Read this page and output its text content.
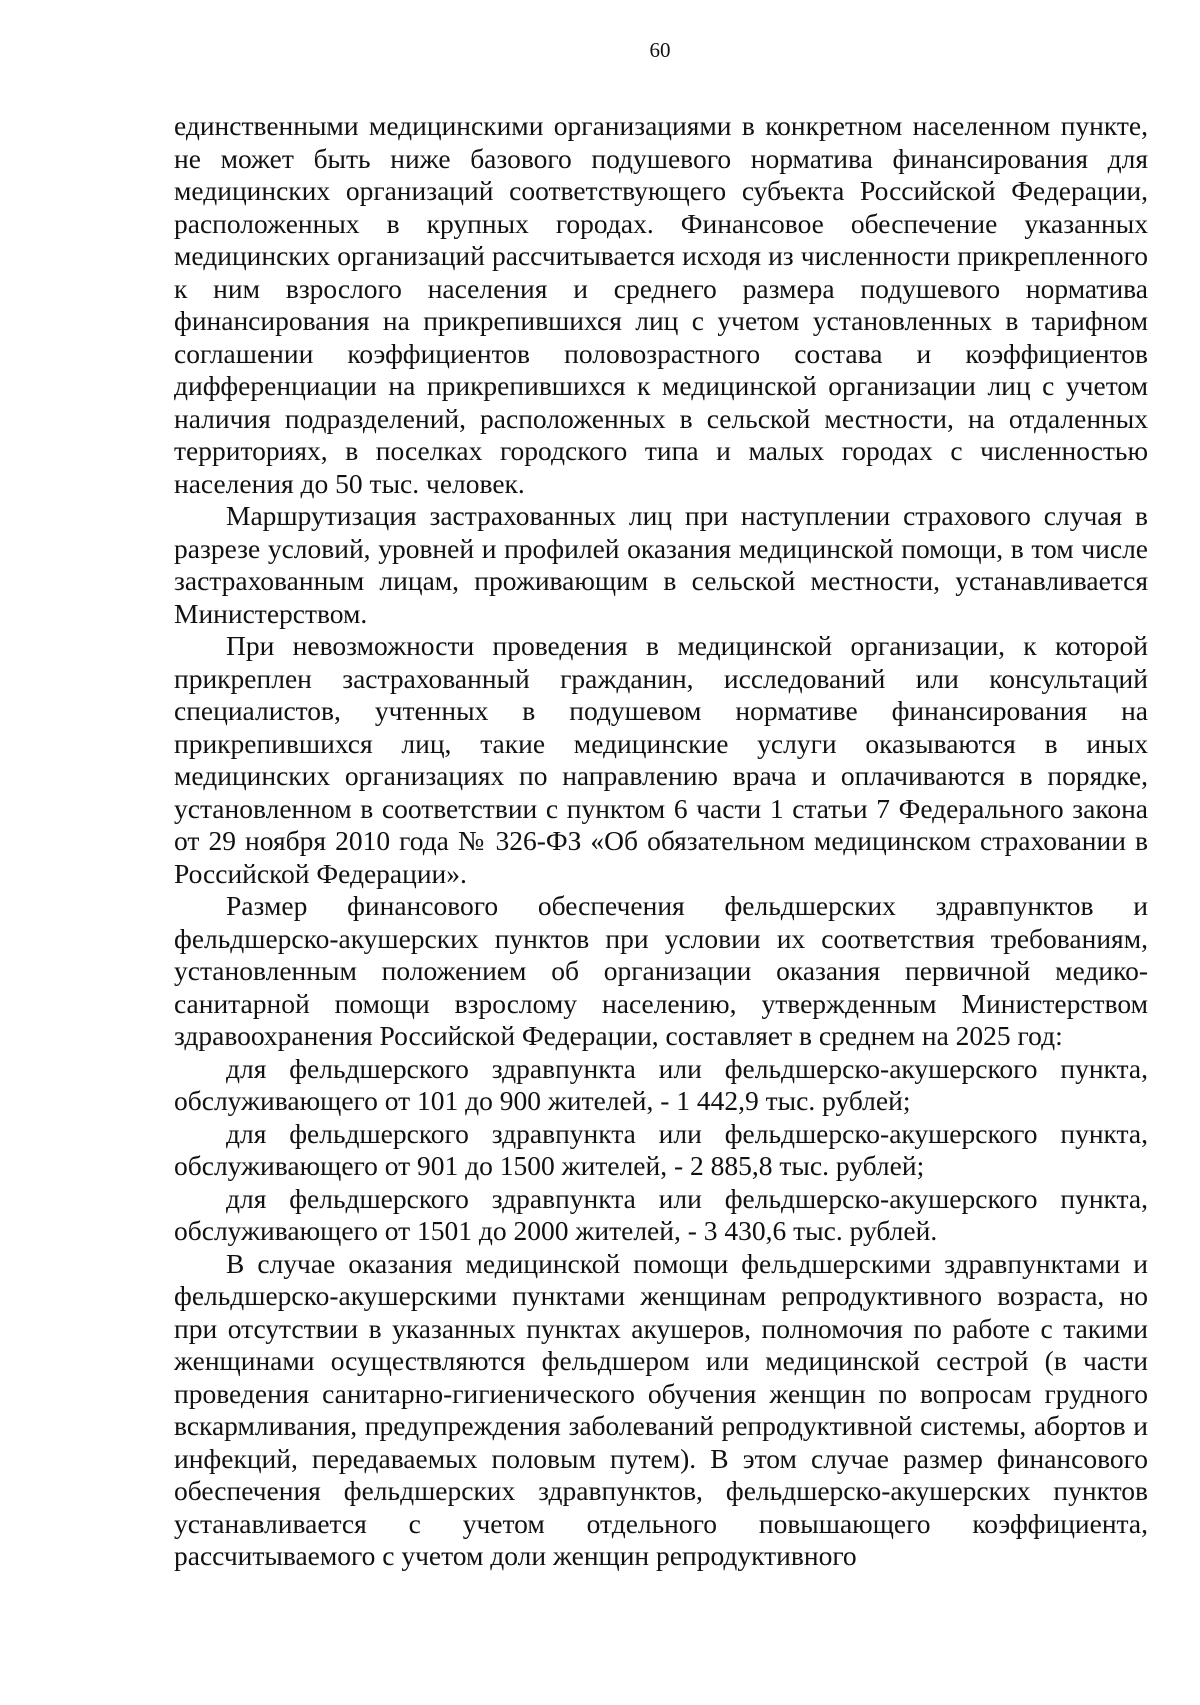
60

единственными медицинскими организациями в конкретном населенном пункте, не может быть ниже базового подушевого норматива финансирования для медицинских организаций соответствующего субъекта Российской Федерации, расположенных в крупных городах. Финансовое обеспечение указанных медицинских организаций рассчитывается исходя из численности прикрепленного к ним взрослого населения и среднего размера подушевого норматива финансирования на прикрепившихся лиц с учетом установленных в тарифном соглашении коэффициентов половозрастного состава и коэффициентов дифференциации на прикрепившихся к медицинской организации лиц с учетом наличия подразделений, расположенных в сельской местности, на отдаленных территориях, в поселках городского типа и малых городах с численностью населения до 50 тыс. человек.

Маршрутизация застрахованных лиц при наступлении страхового случая в разрезе условий, уровней и профилей оказания медицинской помощи, в том числе застрахованным лицам, проживающим в сельской местности, устанавливается Министерством.

При невозможности проведения в медицинской организации, к которой прикреплен застрахованный гражданин, исследований или консультаций специалистов, учтенных в подушевом нормативе финансирования на прикрепившихся лиц, такие медицинские услуги оказываются в иных медицинских организациях по направлению врача и оплачиваются в порядке, установленном в соответствии с пунктом 6 части 1 статьи 7 Федерального закона от 29 ноября 2010 года № 326-ФЗ «Об обязательном медицинском страховании в Российской Федерации».

Размер финансового обеспечения фельдшерских здравпунктов и фельдшерско-акушерских пунктов при условии их соответствия требованиям, установленным положением об организации оказания первичной медико-санитарной помощи взрослому населению, утвержденным Министерством здравоохранения Российской Федерации, составляет в среднем на 2025 год:

для фельдшерского здравпункта или фельдшерско-акушерского пункта, обслуживающего от 101 до 900 жителей, - 1 442,9 тыс. рублей;

для фельдшерского здравпункта или фельдшерско-акушерского пункта, обслуживающего от 901 до 1500 жителей, - 2 885,8 тыс. рублей;

для фельдшерского здравпункта или фельдшерско-акушерского пункта, обслуживающего от 1501 до 2000 жителей, - 3 430,6 тыс. рублей.

В случае оказания медицинской помощи фельдшерскими здравпунктами и фельдшерско-акушерскими пунктами женщинам репродуктивного возраста, но при отсутствии в указанных пунктах акушеров, полномочия по работе с такими женщинами осуществляются фельдшером или медицинской сестрой (в части проведения санитарно-гигиенического обучения женщин по вопросам грудного вскармливания, предупреждения заболеваний репродуктивной системы, абортов и инфекций, передаваемых половым путем). В этом случае размер финансового обеспечения фельдшерских здравпунктов, фельдшерско-акушерских пунктов устанавливается с учетом отдельного повышающего коэффициента, рассчитываемого с учетом доли женщин репродуктивного
